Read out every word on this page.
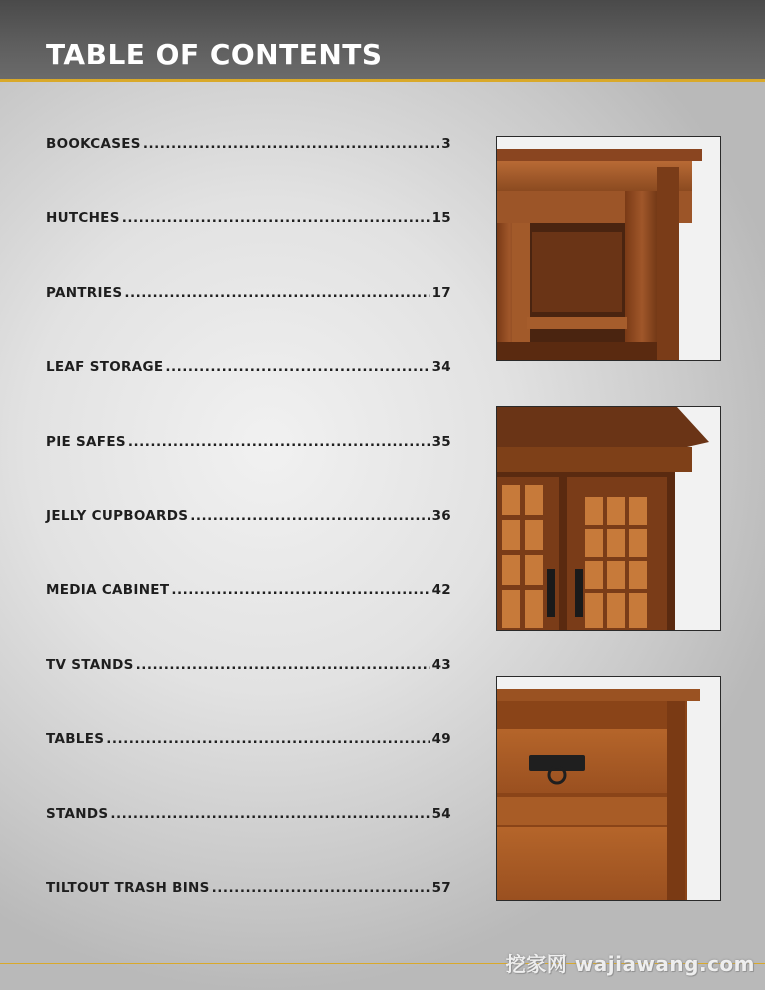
TABLE OF CONTENTS
BOOKCASES .....	3
HUTCHES .....	15
PANTRIES .....	17
LEAF STORAGE .....	34
PIE SAFES .....	35
JELLY CUPBOARDS .....	36
MEDIA CABINET .....	42
TV STANDS .....	43
TABLES .....	49
STANDS .....	54
TILTOUT TRASH BINS .....	57
挖家网 wajiawang.com
